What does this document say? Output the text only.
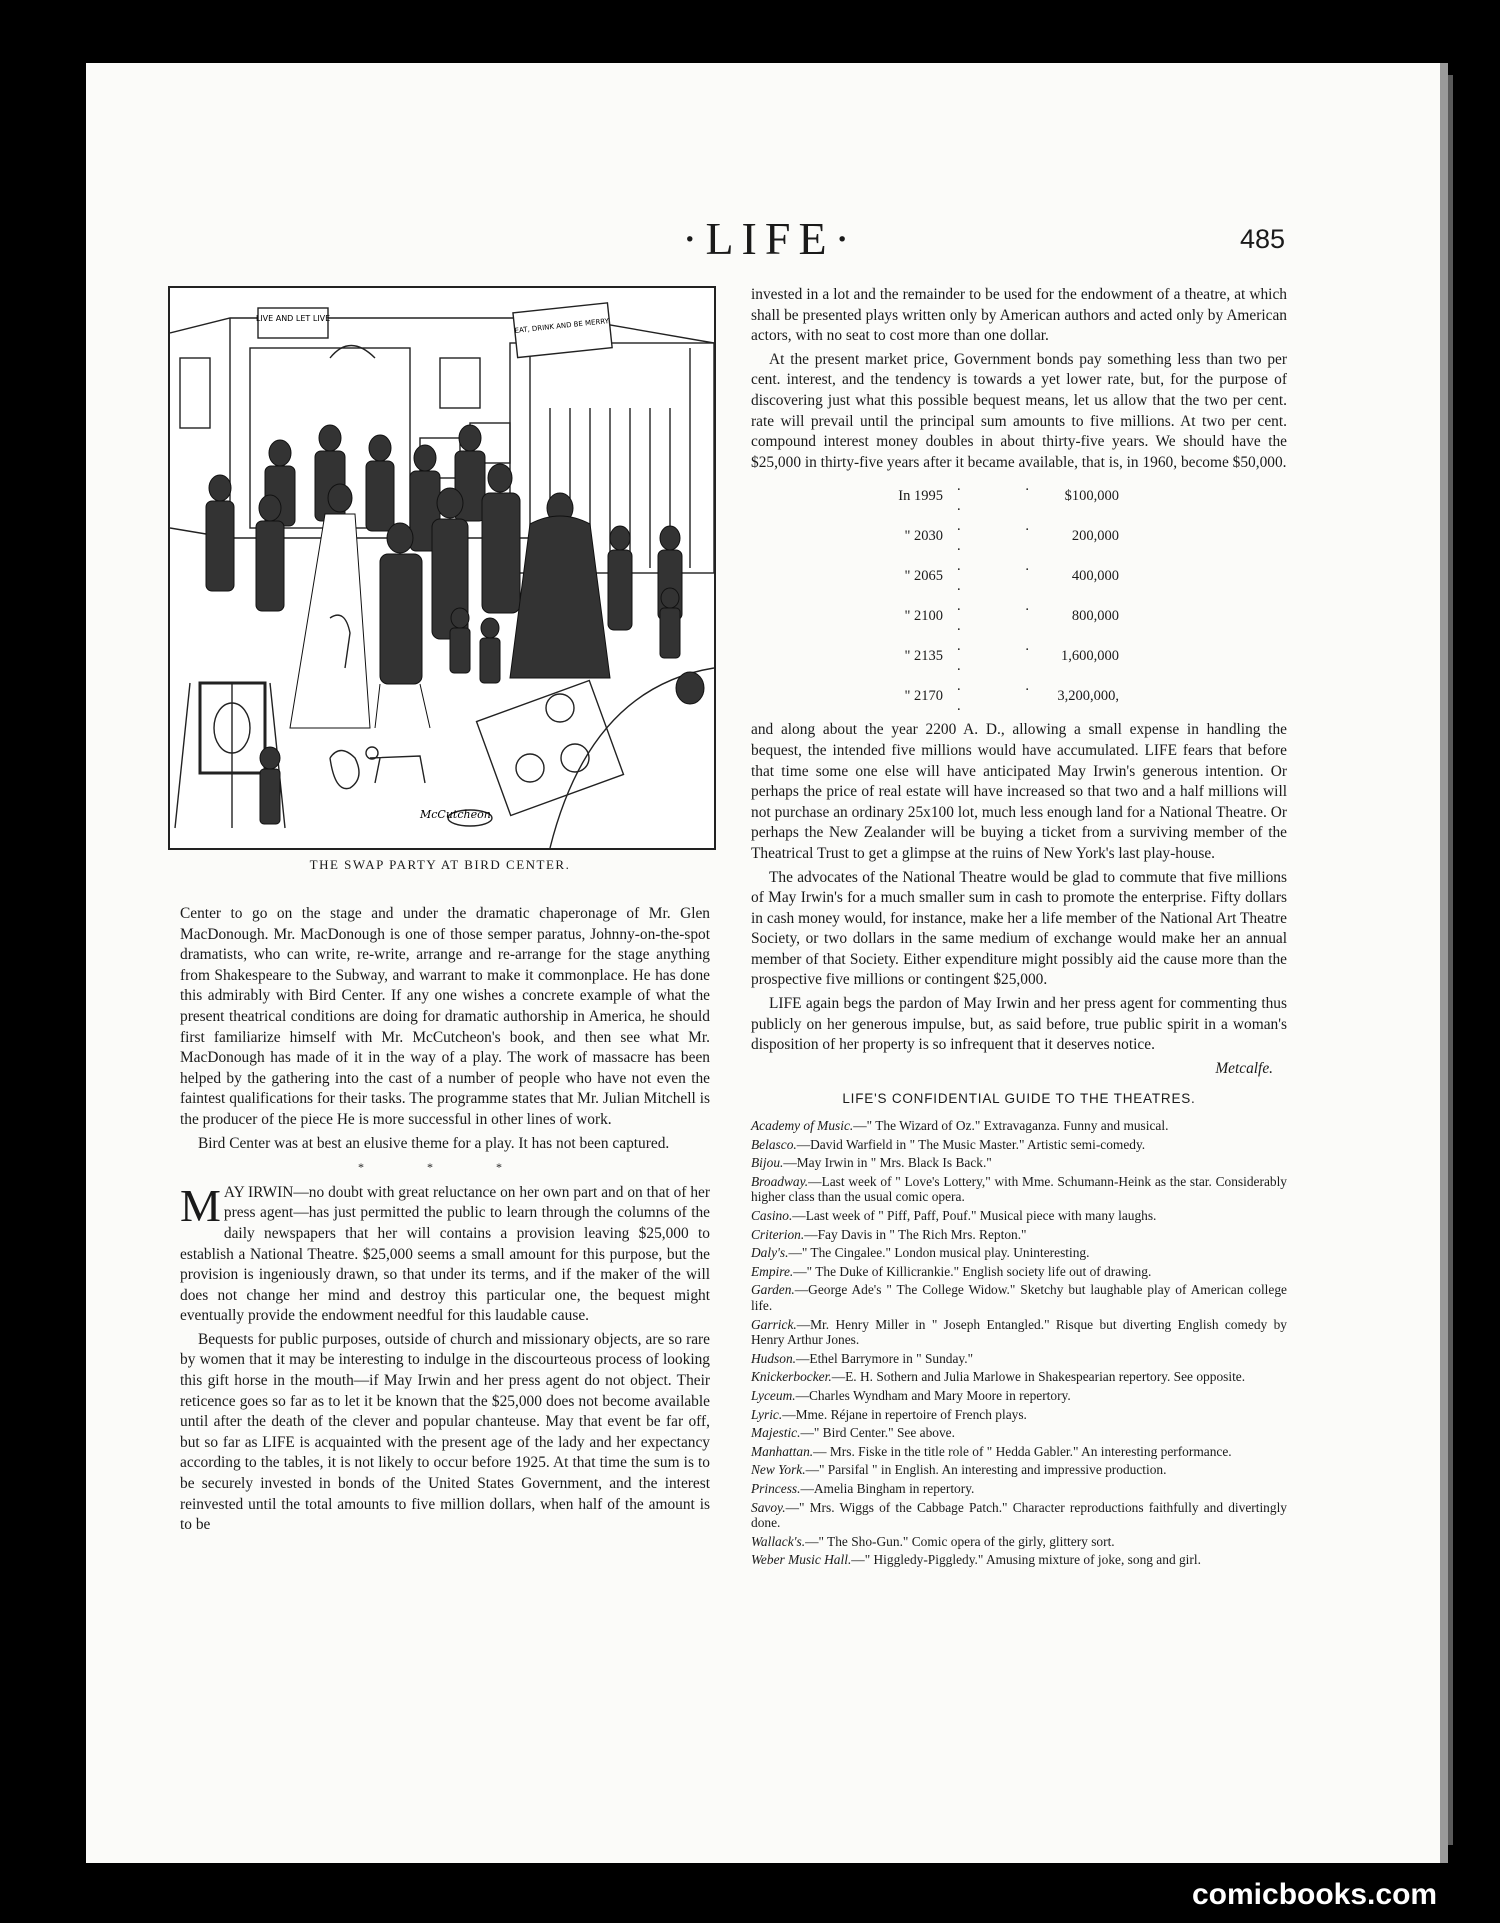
·LIFE·	485
LIVE AND LET LIVE	EAT, DRINK AND BE MERRY
McCutcheon
THE SWAP PARTY AT BIRD CENTER.

Center to go on the stage and under the dramatic chaperonage of Mr. Glen MacDonough. Mr. MacDonough is one of those semper paratus, Johnny-on-the-spot dramatists, who can write, re-write, arrange and re-arrange for the stage anything from Shakespeare to the Subway, and warrant to make it commonplace. He has done this admirably with Bird Center. If any one wishes a concrete example of what the present theatrical conditions are doing for dramatic authorship in America, he should first familiarize himself with Mr. McCutcheon's book, and then see what Mr. MacDonough has made of it in the way of a play. The work of massacre has been helped by the gathering into the cast of a number of people who have not even the faintest qualifications for their tasks. The programme states that Mr. Julian Mitchell is the producer of the piece He is more successful in other lines of work.

Bird Center was at best an elusive theme for a play. It has not been captured.

* * *

MAY IRWIN—no doubt with great reluctance on her own part and on that of her press agent—has just permitted the public to learn through the columns of the daily newspapers that her will contains a provision leaving $25,000 to establish a National Theatre. $25,000 seems a small amount for this purpose, but the provision is ingeniously drawn, so that under its terms, and if the maker of the will does not change her mind and destroy this particular one, the bequest might eventually provide the endowment needful for this laudable cause.

Bequests for public purposes, outside of church and missionary objects, are so rare by women that it may be interesting to indulge in the discourteous process of looking this gift horse in the mouth—if May Irwin and her press agent do not object. Their reticence goes so far as to let it be known that the $25,000 does not become available until after the death of the clever and popular chanteuse. May that event be far off, but so far as LIFE is acquainted with the present age of the lady and her expectancy according to the tables, it is not likely to occur before 1925. At that time the sum is to be securely invested in bonds of the United States Government, and the interest reinvested until the total amounts to five million dollars, when half of the amount is to be

invested in a lot and the remainder to be used for the endowment of a theatre, at which shall be presented plays written only by American authors and acted only by American actors, with no seat to cost more than one dollar.

At the present market price, Government bonds pay something less than two per cent. interest, and the tendency is towards a yet lower rate, but, for the purpose of discovering just what this possible bequest means, let us allow that the two per cent. rate will prevail until the principal sum amounts to five millions. At two per cent. compound interest money doubles in about thirty-five years. We should have the $25,000 in thirty-five years after it became available, that is, in 1960, become $50,000.

In 1995	. . .	$100,000
" 2030	. . .	200,000
" 2065	. . .	400,000
" 2100	. . .	800,000
" 2135	. . .	1,600,000
" 2170	. . .	3,200,000,

and along about the year 2200 A. D., allowing a small expense in handling the bequest, the intended five millions would have accumulated. LIFE fears that before that time some one else will have anticipated May Irwin's generous intention. Or perhaps the price of real estate will have increased so that two and a half millions will not purchase an ordinary 25x100 lot, much less enough land for a National Theatre. Or perhaps the New Zealander will be buying a ticket from a surviving member of the Theatrical Trust to get a glimpse at the ruins of New York's last play-house.

The advocates of the National Theatre would be glad to commute that five millions of May Irwin's for a much smaller sum in cash to promote the enterprise. Fifty dollars in cash money would, for instance, make her a life member of the National Art Theatre Society, or two dollars in the same medium of exchange would make her an annual member of that Society. Either expenditure might possibly aid the cause more than the prospective five millions or contingent $25,000.

LIFE again begs the pardon of May Irwin and her press agent for commenting thus publicly on her generous impulse, but, as said before, true public spirit in a woman's disposition of her property is so infrequent that it deserves notice.

Metcalfe.
LIFE'S CONFIDENTIAL GUIDE TO THE THEATRES.
Academy of Music.—" The Wizard of Oz." Extravaganza. Funny and musical.
Belasco.—David Warfield in " The Music Master." Artistic semi-comedy.
Bijou.—May Irwin in " Mrs. Black Is Back."
Broadway.—Last week of " Love's Lottery," with Mme. Schumann-Heink as the star. Considerably higher class than the usual comic opera.
Casino.—Last week of " Piff, Paff, Pouf." Musical piece with many laughs.
Criterion.—Fay Davis in " The Rich Mrs. Repton."
Daly's.—" The Cingalee." London musical play. Uninteresting.
Empire.—" The Duke of Killicrankie." English society life out of drawing.
Garden.—George Ade's " The College Widow." Sketchy but laughable play of American college life.
Garrick.—Mr. Henry Miller in " Joseph Entangled." Risque but diverting English comedy by Henry Arthur Jones.
Hudson.—Ethel Barrymore in " Sunday."
Knickerbocker.—E. H. Sothern and Julia Marlowe in Shakespearian repertory. See opposite.
Lyceum.—Charles Wyndham and Mary Moore in repertory.
Lyric.—Mme. Réjane in repertoire of French plays.
Majestic.—" Bird Center." See above.
Manhattan.— Mrs. Fiske in the title role of " Hedda Gabler." An interesting performance.
New York.—" Parsifal " in English. An interesting and impressive production.
Princess.—Amelia Bingham in repertory.
Savoy.—" Mrs. Wiggs of the Cabbage Patch." Character reproductions faithfully and divertingly done.
Wallack's.—" The Sho-Gun." Comic opera of the girly, glittery sort.
Weber Music Hall.—" Higgledy-Piggledy." Amusing mixture of joke, song and girl.
comicbooks.com
